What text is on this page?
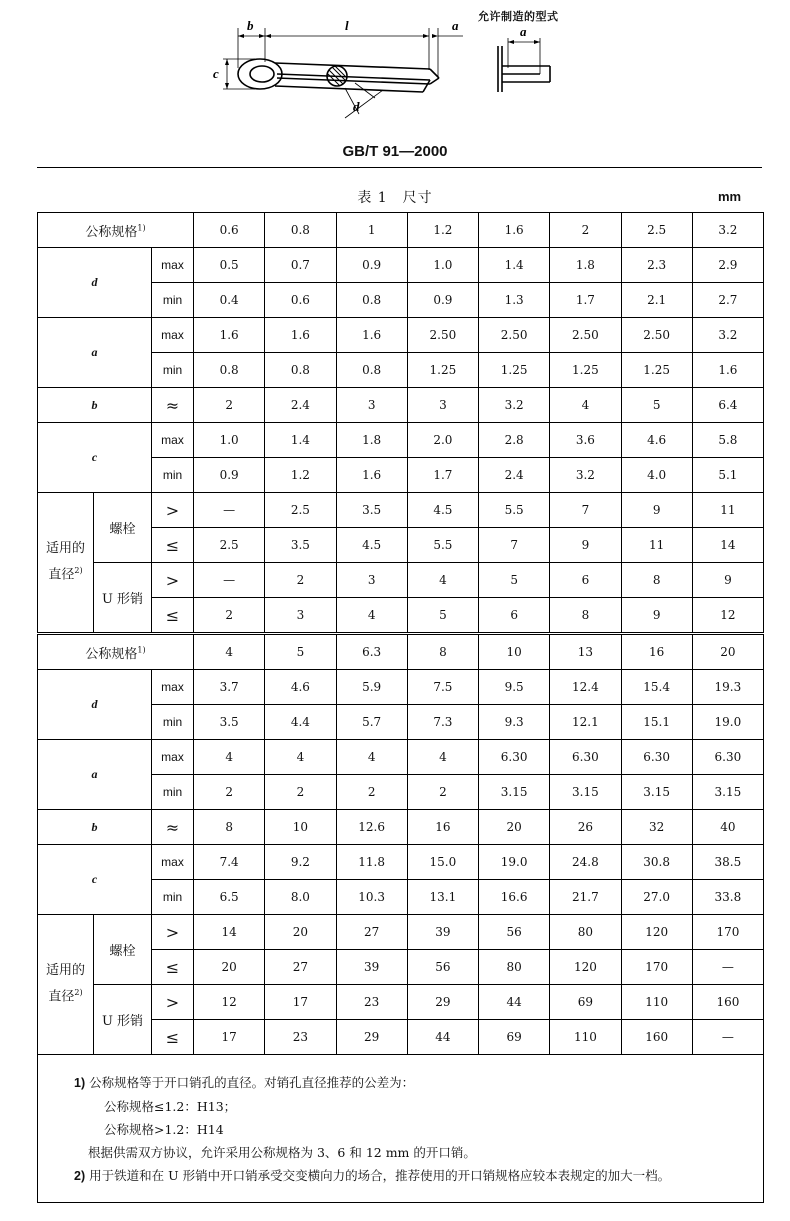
b	l	a
c
d
允许制造的型式
a
GB/T 91—2000
表 1　尺寸	mm
公称规格$^{1)}$			0.6	0.8	1	1.2	1.6	2	2.5	3.2
d		max	0.5	0.7	0.9	1.0	1.4	1.8	2.3	2.9
		min	0.4	0.6	0.8	0.9	1.3	1.7	2.1	2.7
a		max	1.6	1.6	1.6	2.50	2.50	2.50	2.50	3.2
		min	0.8	0.8	0.8	1.25	1.25	1.25	1.25	1.6
b		≈	2	2.4	3	3	3.2	4	5	6.4
c		max	1.0	1.4	1.8	2.0	2.8	3.6	4.6	5.8
		min	0.9	1.2	1.6	1.7	2.4	3.2	4.0	5.1
适用的
直径$^{2)}$	螺栓	>	—	2.5	3.5	4.5	5.5	7	9	11
		≤	2.5	3.5	4.5	5.5	7	9	11	14
	U 形销	>	—	2	3	4	5	6	8	9
		≤	2	3	4	5	6	8	9	12
公称规格$^{1)}$			4	5	6.3	8	10	13	16	20
d		max	3.7	4.6	5.9	7.5	9.5	12.4	15.4	19.3
		min	3.5	4.4	5.7	7.3	9.3	12.1	15.1	19.0
a		max	4	4	4	4	6.30	6.30	6.30	6.30
		min	2	2	2	2	3.15	3.15	3.15	3.15
b		≈	8	10	12.6	16	20	26	32	40
c		max	7.4	9.2	11.8	15.0	19.0	24.8	30.8	38.5
		min	6.5	8.0	10.3	13.1	16.6	21.7	27.0	33.8
适用的
直径$^{2)}$	螺栓	>	14	20	27	39	56	80	120	170
		≤	20	27	39	56	80	120	170	—
	U 形销	>	12	17	23	29	44	69	110	160
		≤	17	23	29	44	69	110	160	—

1) 公称规格等于开口销孔的直径。对销孔直径推荐的公差为：
公称规格≤1.2：H13；
公称规格>1.2：H14
根据供需双方协议，允许采用公称规格为 3、6 和 12 mm 的开口销。
2) 用于铁道和在 U 形销中开口销承受交变横向力的场合，推荐使用的开口销规格应较本表规定的加大一档。										
